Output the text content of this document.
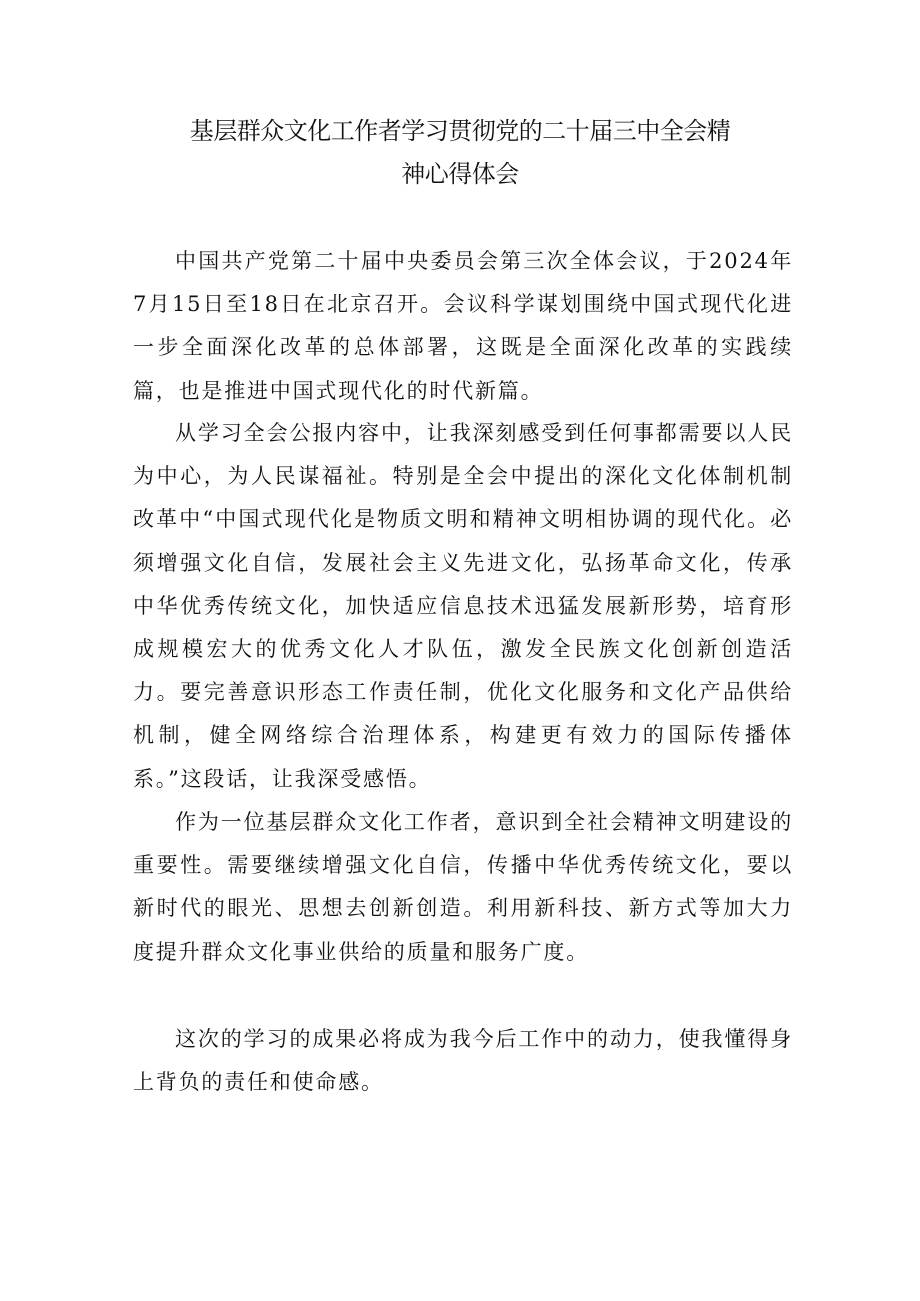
基层群众文化工作者学习贯彻党的二十届三中全会精
神心得体会

中国共产党第二十届中央委员会第三次全体会议，于2024年7月15日至18日在北京召开。会议科学谋划围绕中国式现代化进一步全面深化改革的总体部署，这既是全面深化改革的实践续篇，也是推进中国式现代化的时代新篇。

从学习全会公报内容中，让我深刻感受到任何事都需要以人民为中心，为人民谋福祉。特别是全会中提出的深化文化体制机制改革中“中国式现代化是物质文明和精神文明相协调的现代化。必须增强文化自信，发展社会主义先进文化，弘扬革命文化，传承中华优秀传统文化，加快适应信息技术迅猛发展新形势，培育形成规模宏大的优秀文化人才队伍，激发全民族文化创新创造活力。要完善意识形态工作责任制，优化文化服务和文化产品供给机制，健全网络综合治理体系，构建更有效力的国际传播体系。”这段话，让我深受感悟。

作为一位基层群众文化工作者，意识到全社会精神文明建设的重要性。需要继续增强文化自信，传播中华优秀传统文化，要以新时代的眼光、思想去创新创造。利用新科技、新方式等加大力度提升群众文化事业供给的质量和服务广度。

这次的学习的成果必将成为我今后工作中的动力，使我懂得身上背负的责任和使命感。
